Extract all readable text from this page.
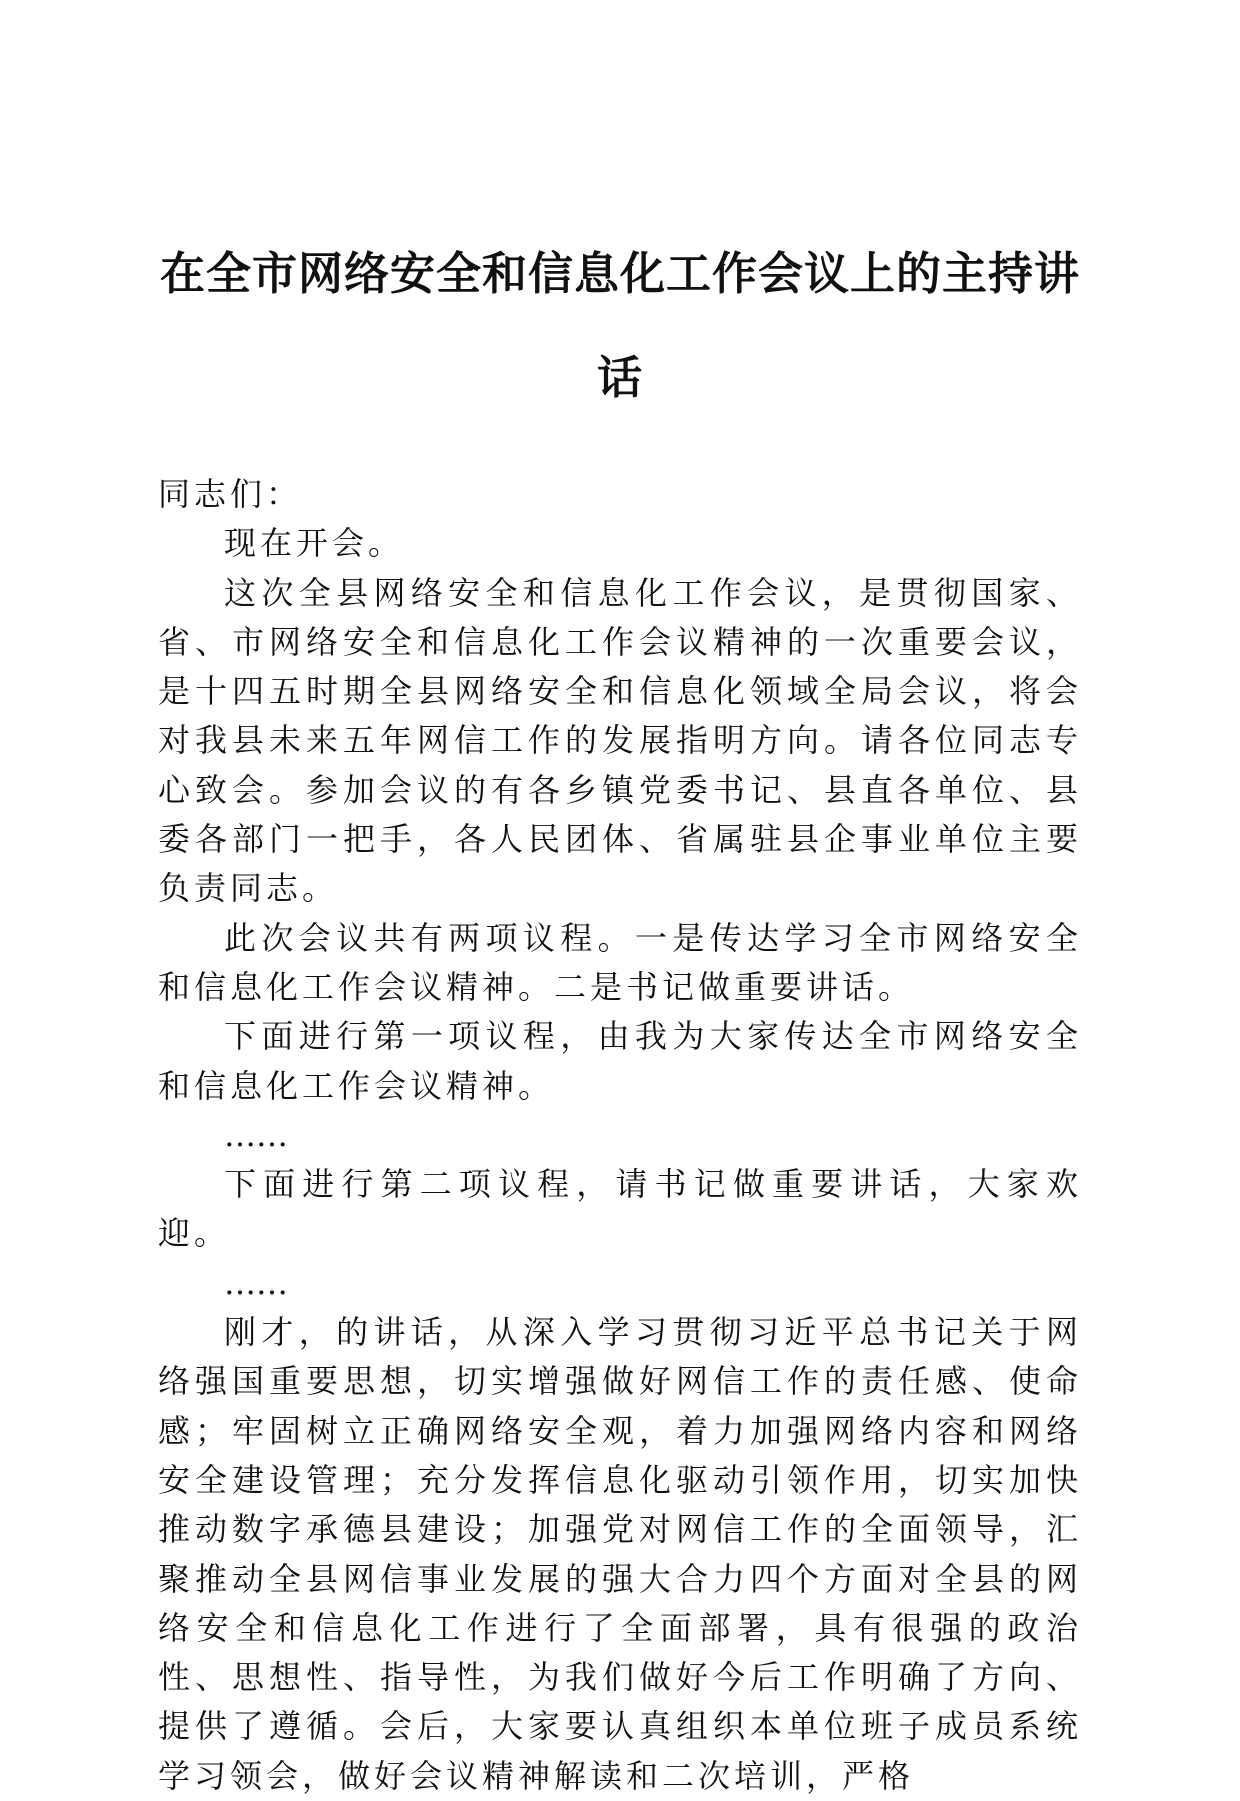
在全市网络安全和信息化工作会议上的主持讲话

同志们：

现在开会。

这次全县网络安全和信息化工作会议，是贯彻国家、省、市网络安全和信息化工作会议精神的一次重要会议，是十四五时期全县网络安全和信息化领域全局会议，将会对我县未来五年网信工作的发展指明方向。请各位同志专心致会。参加会议的有各乡镇党委书记、县直各单位、县委各部门一把手，各人民团体、省属驻县企事业单位主要负责同志。

此次会议共有两项议程。一是传达学习全市网络安全和信息化工作会议精神。二是书记做重要讲话。

下面进行第一项议程，由我为大家传达全市网络安全和信息化工作会议精神。

……

下面进行第二项议程，请书记做重要讲话，大家欢迎。

……

刚才，的讲话，从深入学习贯彻习近平总书记关于网络强国重要思想，切实增强做好网信工作的责任感、使命感；牢固树立正确网络安全观，着力加强网络内容和网络安全建设管理；充分发挥信息化驱动引领作用，切实加快推动数字承德县建设；加强党对网信工作的全面领导，汇聚推动全县网信事业发展的强大合力四个方面对全县的网络安全和信息化工作进行了全面部署，具有很强的政治性、思想性、指导性，为我们做好今后工作明确了方向、提供了遵循。会后，大家要认真组织本单位班子成员系统学习领会，做好会议精神解读和二次培训，严格
